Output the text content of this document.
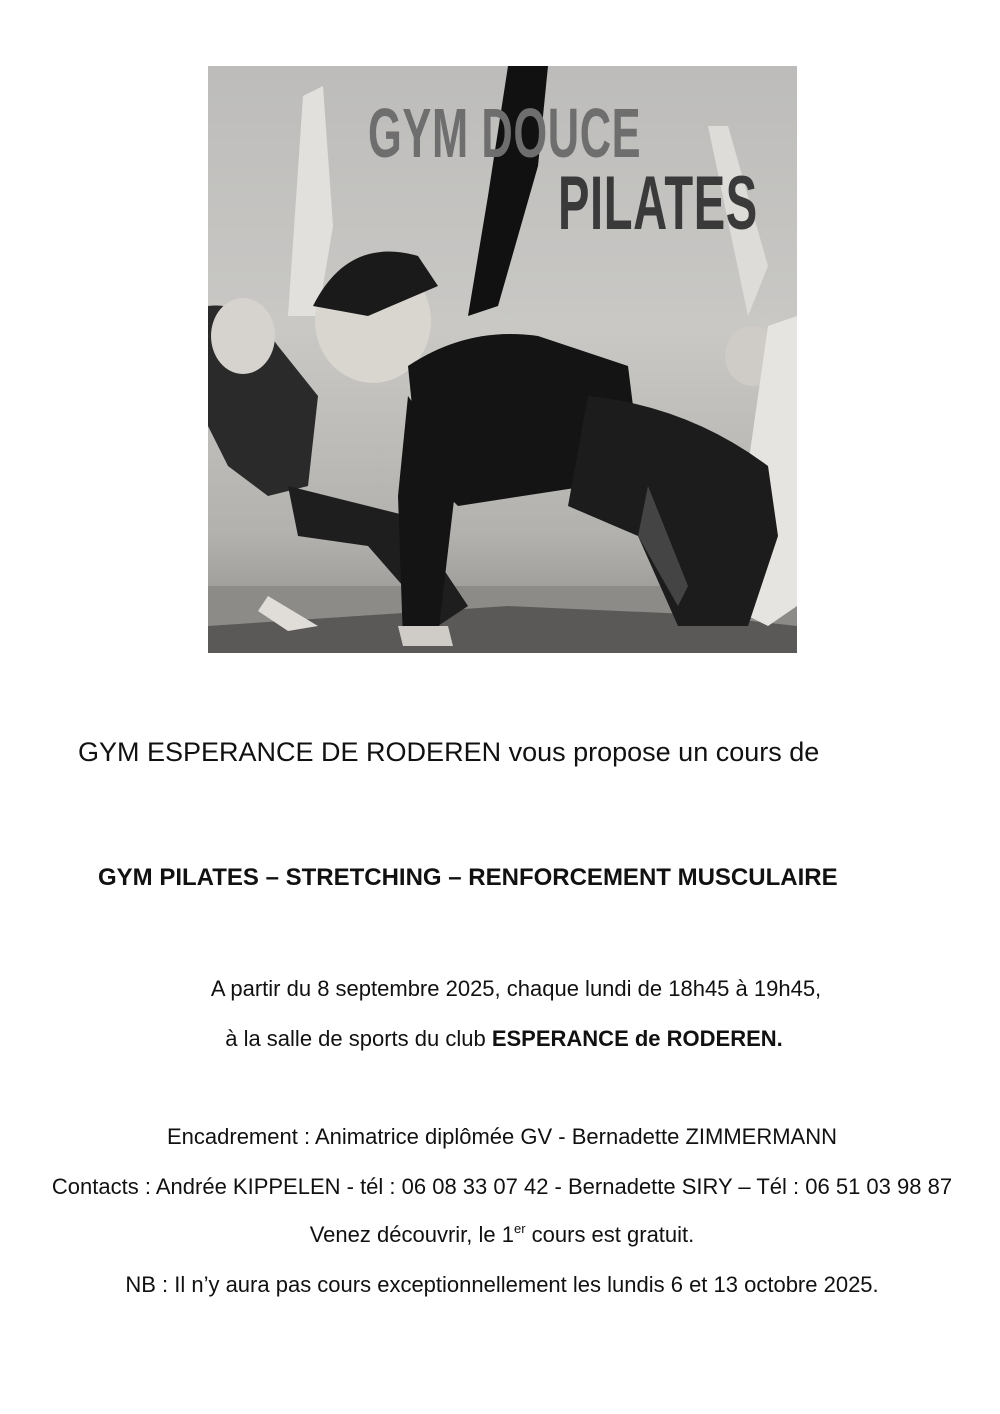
GYM DOUCE
PILATES

GYM ESPERANCE DE RODEREN vous propose un cours de

GYM PILATES – STRETCHING – RENFORCEMENT MUSCULAIRE

A partir du 8 septembre 2025, chaque lundi de 18h45 à 19h45,

à la salle de sports du club ESPERANCE de RODEREN.

Encadrement : Animatrice diplômée GV - Bernadette ZIMMERMANN

Contacts : Andrée KIPPELEN - tél : 06 08 33 07 42 - Bernadette SIRY – Tél : 06 51 03 98 87

Venez découvrir, le 1er cours est gratuit.

NB : Il n’y aura pas cours exceptionnellement les lundis 6 et 13 octobre 2025.
